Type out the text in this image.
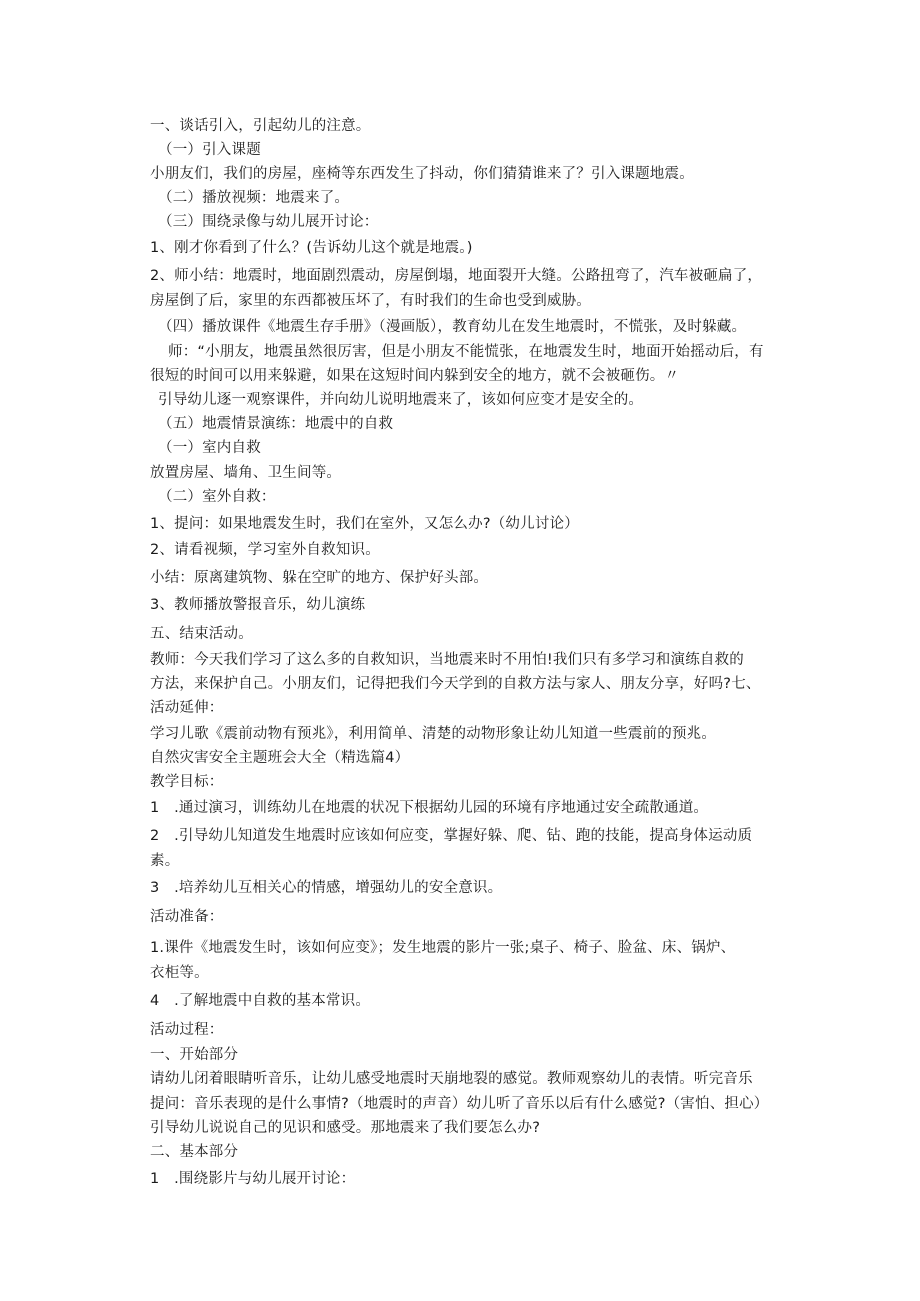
一、谈话引入，引起幼儿的注意。
（一）引入课题
小朋友们，我们的房屋，座椅等东西发生了抖动，你们猜猜谁来了？引入课题地震。
（二）播放视频：地震来了。
（三）围绕录像与幼儿展开讨论：
1、刚才你看到了什么？(告诉幼儿这个就是地震。)
2、师小结：地震时，地面剧烈震动，房屋倒塌，地面裂开大缝。公路扭弯了，汽车被砸扁了，
房屋倒了后，家里的东西都被压坏了，有时我们的生命也受到威胁。
（四）播放课件《地震生存手册》（漫画版），教育幼儿在发生地震时，不慌张，及时躲藏。
师：“小朋友，地震虽然很厉害，但是小朋友不能慌张，在地震发生时，地面开始摇动后，有
很短的时间可以用来躲避，如果在这短时间内躲到安全的地方，就不会被砸伤。〃
引导幼儿逐一观察课件，并向幼儿说明地震来了，该如何应变才是安全的。
（五）地震情景演练：地震中的自救
（一）室内自救
放置房屋、墙角、卫生间等。
（二）室外自救：
1、提问：如果地震发生时，我们在室外，又怎么办?（幼儿讨论）
2、请看视频，学习室外自救知识。
小结：原离建筑物、躲在空旷的地方、保护好头部。
3、教师播放警报音乐，幼儿演练
五、结束活动。
教师：今天我们学习了这么多的自救知识，当地震来时不用怕!我们只有多学习和演练自救的
方法，来保护自己。小朋友们，记得把我们今天学到的自救方法与家人、朋友分享，好吗?七、
活动延伸：
学习儿歌《震前动物有预兆》，利用简单、清楚的动物形象让幼儿知道一些震前的预兆。
自然灾害安全主题班会大全（精选篇4）
教学目标：
1　.通过演习，训练幼儿在地震的状况下根据幼儿园的环境有序地通过安全疏散通道。
2　.引导幼儿知道发生地震时应该如何应变，掌握好躲、爬、钻、跑的技能，提高身体运动质
素。
3　.培养幼儿互相关心的情感，增强幼儿的安全意识。
活动准备：
1.课件《地震发生时，该如何应变》；发生地震的影片一张;桌子、椅子、脸盆、床、锅炉、
衣柜等。
4　.了解地震中自救的基本常识。
活动过程：
一、开始部分
请幼儿闭着眼睛听音乐，让幼儿感受地震时天崩地裂的感觉。教师观察幼儿的表情。听完音乐
提问：音乐表现的是什么事情?（地震时的声音）幼儿听了音乐以后有什么感觉?（害怕、担心）
引导幼儿说说自己的见识和感受。那地震来了我们要怎么办?
二、基本部分
1　.围绕影片与幼儿展开讨论：
